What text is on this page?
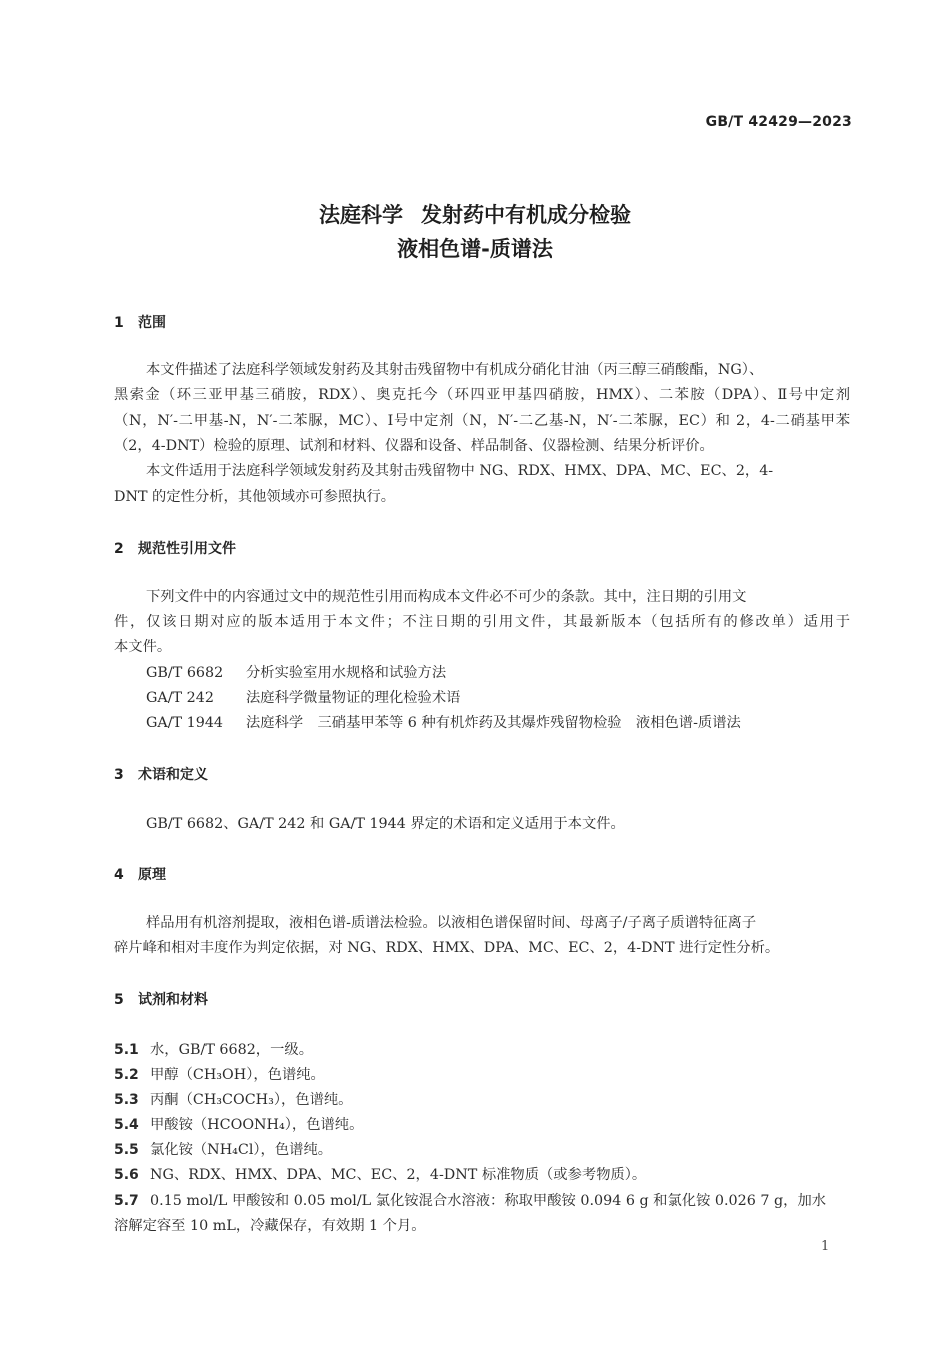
GB/T 42429—2023
法庭科学 发射药中有机成分检验
液相色谱-质谱法
1 范围
本文件描述了法庭科学领域发射药及其射击残留物中有机成分硝化甘油（丙三醇三硝酸酯，NG）、
黑索金（环三亚甲基三硝胺，RDX）、奥克托今（环四亚甲基四硝胺，HMX）、二苯胺（DPA）、Ⅱ号中定剂
（N，N′-二甲基-N，N′-二苯脲，MC）、Ⅰ号中定剂（N，N′-二乙基-N，N′-二苯脲，EC）和 2，4-二硝基甲苯
（2，4-DNT）检验的原理、试剂和材料、仪器和设备、样品制备、仪器检测、结果分析评价。
本文件适用于法庭科学领域发射药及其射击残留物中 NG、RDX、HMX、DPA、MC、EC、2，4-
DNT 的定性分析，其他领域亦可参照执行。
2 规范性引用文件
下列文件中的内容通过文中的规范性引用而构成本文件必不可少的条款。其中，注日期的引用文
件，仅该日期对应的版本适用于本文件；不注日期的引用文件，其最新版本（包括所有的修改单）适用于
本文件。
GB/T 6682 分析实验室用水规格和试验方法
GA/T 242 法庭科学微量物证的理化检验术语
GA/T 1944 法庭科学　三硝基甲苯等 6 种有机炸药及其爆炸残留物检验　液相色谱-质谱法
3 术语和定义
GB/T 6682、GA/T 242 和 GA/T 1944 界定的术语和定义适用于本文件。
4 原理
样品用有机溶剂提取，液相色谱-质谱法检验。以液相色谱保留时间、母离子/子离子质谱特征离子
碎片峰和相对丰度作为判定依据，对 NG、RDX、HMX、DPA、MC、EC、2，4-DNT 进行定性分析。
5 试剂和材料
5.1 水，GB/T 6682，一级。
5.2 甲醇（CH₃OH），色谱纯。
5.3 丙酮（CH₃COCH₃），色谱纯。
5.4 甲酸铵（HCOONH₄），色谱纯。
5.5 氯化铵（NH₄Cl），色谱纯。
5.6 NG、RDX、HMX、DPA、MC、EC、2，4-DNT 标准物质（或参考物质）。
5.7 0.15 mol/L 甲酸铵和 0.05 mol/L 氯化铵混合水溶液：称取甲酸铵 0.094 6 g 和氯化铵 0.026 7 g，加水
溶解定容至 10 mL，冷藏保存，有效期 1 个月。
1
